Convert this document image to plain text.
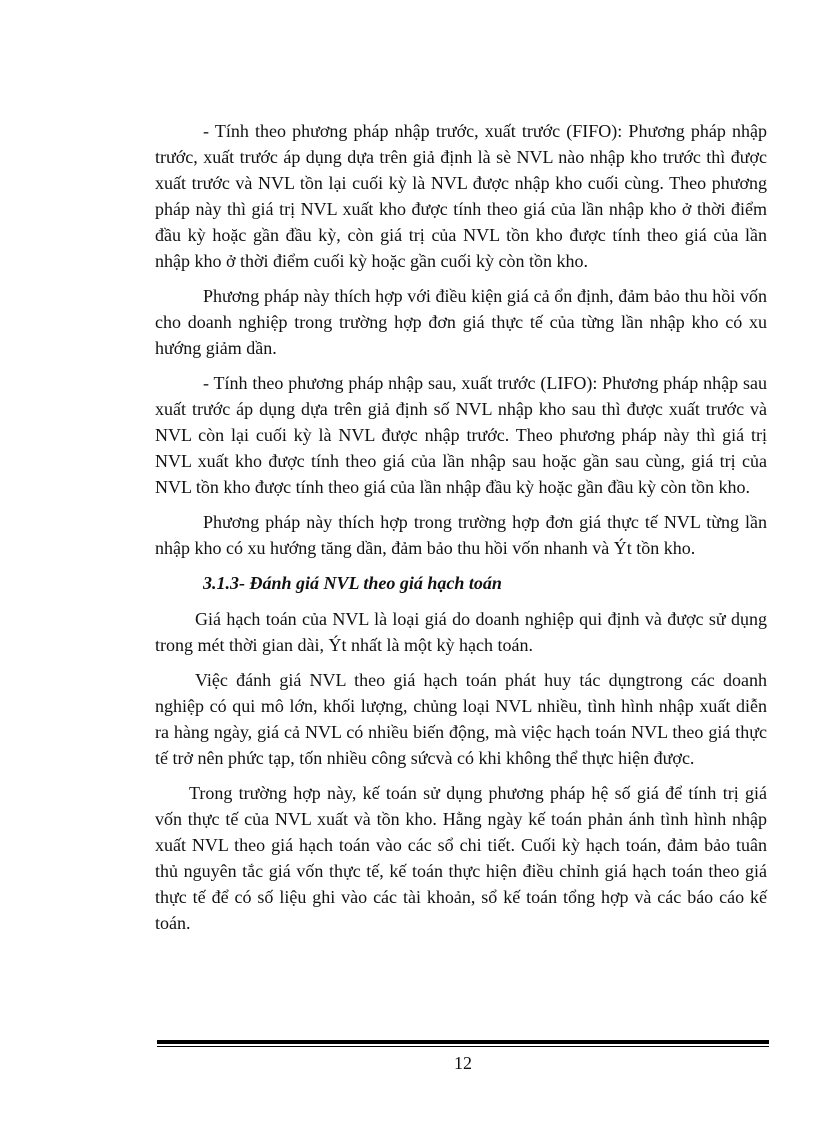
- Tính theo phương pháp nhập trước, xuất trước (FIFO): Phương pháp nhập trước, xuất trước áp dụng dựa trên giả định là sè NVL nào nhập kho trước thì được xuất trước và NVL tồn lại cuối kỳ là NVL được nhập kho cuối cùng. Theo phương pháp này thì giá trị NVL xuất kho được tính theo giá của lần nhập kho ở thời điểm đầu kỳ hoặc gần đầu kỳ, còn giá trị của NVL tồn kho được tính theo giá của lần nhập kho ở thời điểm cuối kỳ hoặc gần cuối kỳ còn tồn kho.

Phương pháp này thích hợp với điều kiện giá cả ổn định, đảm bảo thu hồi vốn cho doanh nghiệp trong trường hợp đơn giá thực tế của từng lần nhập kho có xu hướng giảm dần.

- Tính theo phương pháp nhập sau, xuất trước (LIFO): Phương pháp nhập sau xuất trước áp dụng dựa trên giả định số NVL nhập kho sau thì được xuất trước và NVL còn lại cuối kỳ là NVL được nhập trước. Theo phương pháp này thì giá trị NVL xuất kho được tính theo giá của lần nhập sau hoặc gần sau cùng, giá trị của NVL tồn kho được tính theo giá của lần nhập đầu kỳ hoặc gần đầu kỳ còn tồn kho.

Phương pháp này thích hợp trong trường hợp đơn giá thực tế NVL từng lần nhập kho có xu hướng tăng dần, đảm bảo thu hồi vốn nhanh và Ýt tồn kho.

3.1.3- Đánh giá NVL theo giá hạch toán

Giá hạch toán của NVL là loại giá do doanh nghiệp qui định và được sử dụng trong mét thời gian dài, Ýt nhất là một kỳ hạch toán.

Việc đánh giá NVL theo giá hạch toán phát huy tác dụngtrong các doanh nghiệp có qui mô lớn, khối lượng, chủng loại NVL nhiều, tình hình nhập xuất diễn ra hàng ngày, giá cả NVL có nhiều biến động, mà việc hạch toán NVL theo giá thực tế trở nên phức tạp, tốn nhiều công sứcvà có khi không thể thực hiện được.

Trong trường hợp này, kế toán sử dụng phương pháp hệ số giá để tính trị giá vốn thực tế của NVL xuất và tồn kho. Hằng ngày kế toán phản ánh tình hình nhập xuất NVL theo giá hạch toán vào các sổ chi tiết. Cuối kỳ hạch toán, đảm bảo tuân thủ nguyên tắc giá vốn thực tế, kế toán thực hiện điều chỉnh giá hạch toán theo giá thực tế để có số liệu ghi vào các tài khoản, sổ kế toán tổng hợp và các báo cáo kế toán.

12
